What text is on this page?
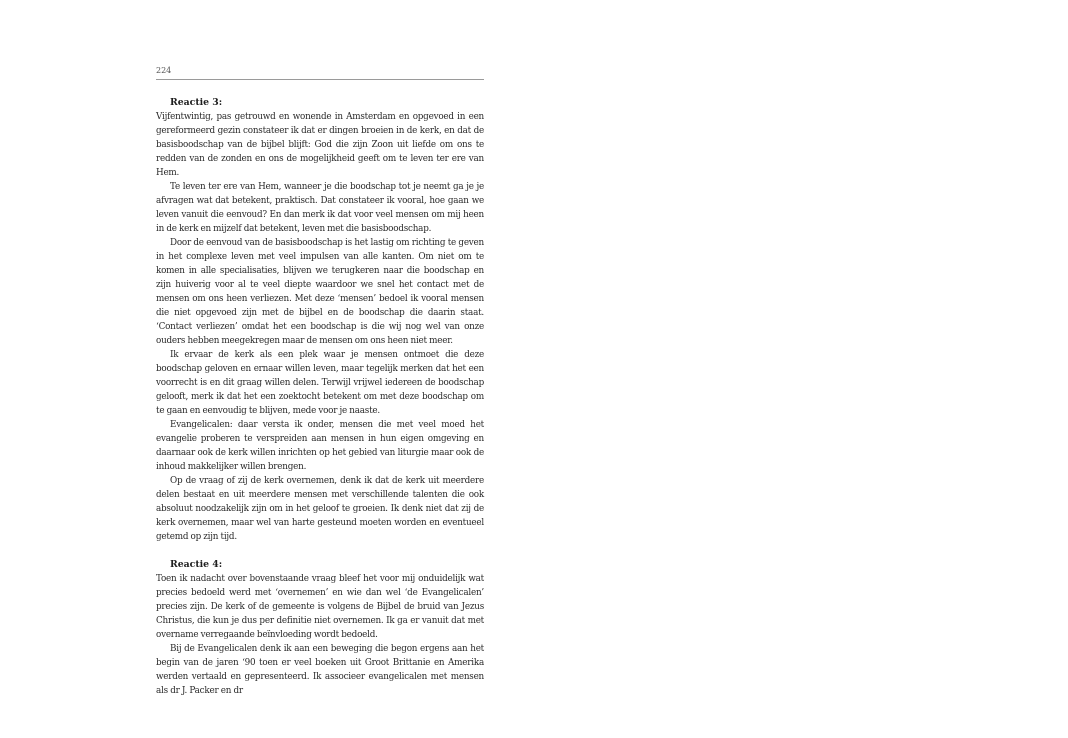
224
Reactie 3:

Vijfentwintig, pas getrouwd en wonende in Amsterdam en opgevoed in een gereformeerd gezin constateer ik dat er dingen broeien in de kerk, en dat de basisboodschap van de bijbel blijft: God die zijn Zoon uit liefde om ons te redden van de zonden en ons de mogelijkheid geeft om te leven ter ere van Hem.

Te leven ter ere van Hem, wanneer je die boodschap tot je neemt ga je je afvragen wat dat betekent, praktisch. Dat constateer ik vooral, hoe gaan we leven vanuit die eenvoud? En dan merk ik dat voor veel mensen om mij heen in de kerk en mijzelf dat betekent, leven met die basisboodschap.

Door de eenvoud van de basisboodschap is het lastig om richting te geven in het complexe leven met veel impulsen van alle kanten. Om niet om te komen in alle specialisaties, blijven we terugkeren naar die boodschap en zijn huiverig voor al te veel diepte waardoor we snel het contact met de mensen om ons heen verliezen. Met deze ‘mensen’ bedoel ik vooral mensen die niet opgevoed zijn met de bijbel en de boodschap die daarin staat. ‘Contact verliezen’ omdat het een boodschap is die wij nog wel van onze ouders hebben meegekregen maar de mensen om ons heen niet meer.

Ik ervaar de kerk als een plek waar je mensen ontmoet die deze boodschap geloven en ernaar willen leven, maar tegelijk merken dat het een voorrecht is en dit graag willen delen. Terwijl vrijwel iedereen de boodschap gelooft, merk ik dat het een zoektocht betekent om met deze boodschap om te gaan en eenvoudig te blijven, mede voor je naaste.

Evangelicalen: daar versta ik onder, mensen die met veel moed het evangelie proberen te verspreiden aan mensen in hun eigen omgeving en daarnaar ook de kerk willen inrichten op het gebied van liturgie maar ook de inhoud makkelijker willen brengen.

Op de vraag of zij de kerk overnemen, denk ik dat de kerk uit meerdere delen bestaat en uit meerdere mensen met verschillende talenten die ook absoluut noodzakelijk zijn om in het geloof te groeien. Ik denk niet dat zij de kerk overnemen, maar wel van harte gesteund moeten worden en eventueel getemd op zijn tijd.

Reactie 4:

Toen ik nadacht over bovenstaande vraag bleef het voor mij onduidelijk wat precies bedoeld werd met ‘overnemen’ en wie dan wel ‘de Evangelicalen’ precies zijn. De kerk of de gemeente is volgens de Bijbel de bruid van Jezus Christus, die kun je dus per definitie niet overnemen. Ik ga er vanuit dat met overname verregaande beïnvloeding wordt bedoeld.

Bij de Evangelicalen denk ik aan een beweging die begon ergens aan het begin van de jaren ‘90 toen er veel boeken uit Groot Brittanie en Amerika werden vertaald en gepresenteerd. Ik associeer evangelicalen met mensen als dr J. Packer en dr
